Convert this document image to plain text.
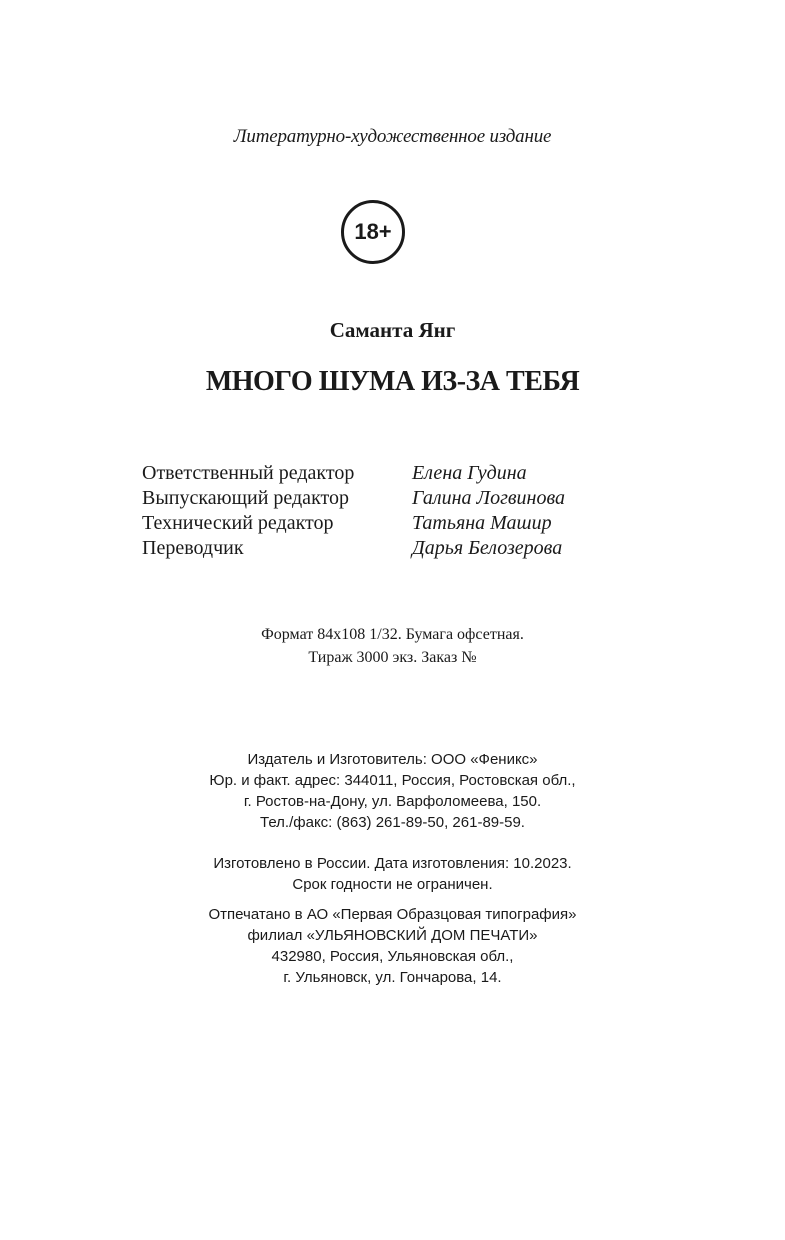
Литературно-художественное издание
18+
Саманта Янг
МНОГО ШУМА ИЗ-ЗА ТЕБЯ
Ответственный редактор	Елена Гудина
Выпускающий редактор	Галина Логвинова
Технический редактор	Татьяна Машир
Переводчик	Дарья Белозерова
Формат 84x108 1/32. Бумага офсетная.
Тираж 3000 экз. Заказ №
Издатель и Изготовитель: ООО «Феникс»
Юр. и факт. адрес: 344011, Россия, Ростовская обл.,
г. Ростов-на-Дону, ул. Варфоломеева, 150.
Тел./факс: (863) 261-89-50, 261-89-59.
Изготовлено в России. Дата изготовления: 10.2023.
Срок годности не ограничен.
Отпечатано в АО «Первая Образцовая типография»
филиал «УЛЬЯНОВСКИЙ ДОМ ПЕЧАТИ»
432980, Россия, Ульяновская обл.,
г. Ульяновск, ул. Гончарова, 14.
